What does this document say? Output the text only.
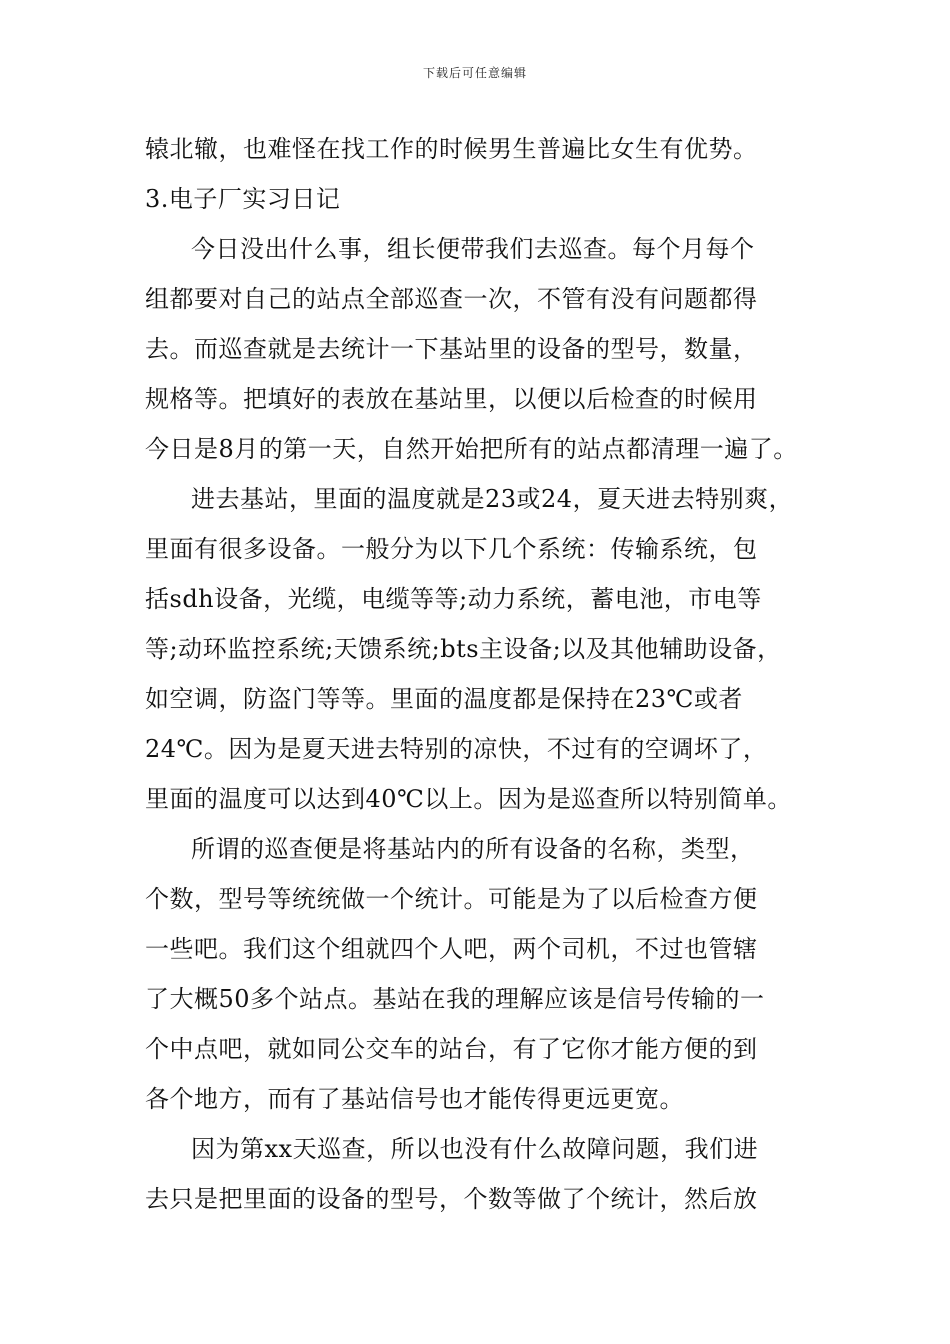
下载后可任意编辑
辕北辙，也难怪在找工作的时候男生普遍比女生有优势。
3.电子厂实习日记
今日没出什么事，组长便带我们去巡查。每个月每个
组都要对自己的站点全部巡查一次，不管有没有问题都得
去。而巡查就是去统计一下基站里的设备的型号，数量，
规格等。把填好的表放在基站里，以便以后检查的时候用
今日是8月的第一天，自然开始把所有的站点都清理一遍了。
进去基站，里面的温度就是23或24，夏天进去特别爽，
里面有很多设备。一般分为以下几个系统：传输系统，包
括sdh设备，光缆，电缆等等;动力系统，蓄电池，市电等
等;动环监控系统;天馈系统;bts主设备;以及其他辅助设备，
如空调，防盗门等等。里面的温度都是保持在23℃或者
24℃。因为是夏天进去特别的凉快，不过有的空调坏了，
里面的温度可以达到40℃以上。因为是巡查所以特别简单。
所谓的巡查便是将基站内的所有设备的名称，类型，
个数，型号等统统做一个统计。可能是为了以后检查方便
一些吧。我们这个组就四个人吧，两个司机，不过也管辖
了大概50多个站点。基站在我的理解应该是信号传输的一
个中点吧，就如同公交车的站台，有了它你才能方便的到
各个地方，而有了基站信号也才能传得更远更宽。
因为第xx天巡查，所以也没有什么故障问题，我们进
去只是把里面的设备的型号，个数等做了个统计，然后放
